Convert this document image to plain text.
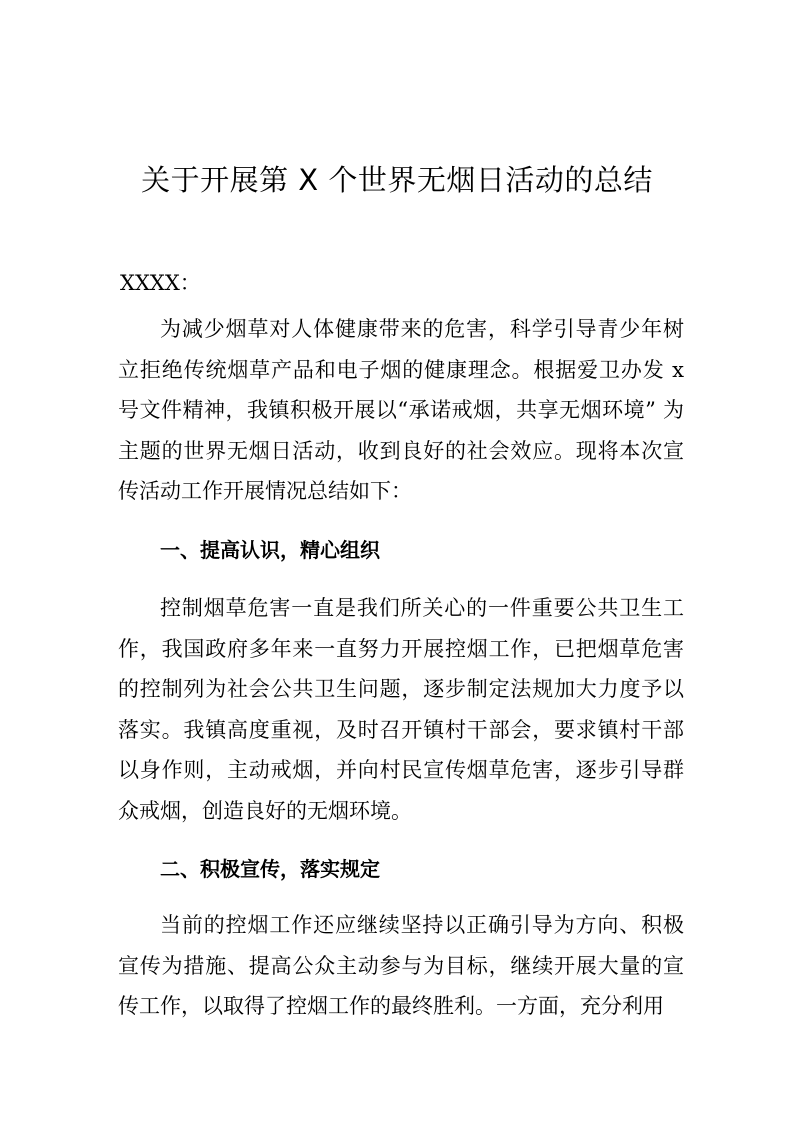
关于开展第 X 个世界无烟日活动的总结
XXXX：

为减少烟草对人体健康带来的危害，科学引导青少年树立拒绝传统烟草产品和电子烟的健康理念。根据爱卫办发 x 号文件精神，我镇积极开展以“承诺戒烟，共享无烟环境” 为主题的世界无烟日活动，收到良好的社会效应。现将本次宣传活动工作开展情况总结如下：

一、提高认识，精心组织

控制烟草危害一直是我们所关心的一件重要公共卫生工作，我国政府多年来一直努力开展控烟工作，已把烟草危害的控制列为社会公共卫生问题，逐步制定法规加大力度予以落实。我镇高度重视，及时召开镇村干部会，要求镇村干部以身作则，主动戒烟，并向村民宣传烟草危害，逐步引导群众戒烟，创造良好的无烟环境。

二、积极宣传，落实规定

当前的控烟工作还应继续坚持以正确引导为方向、积极宣传为措施、提高公众主动参与为目标，继续开展大量的宣传工作，以取得了控烟工作的最终胜利。一方面，充分利用
